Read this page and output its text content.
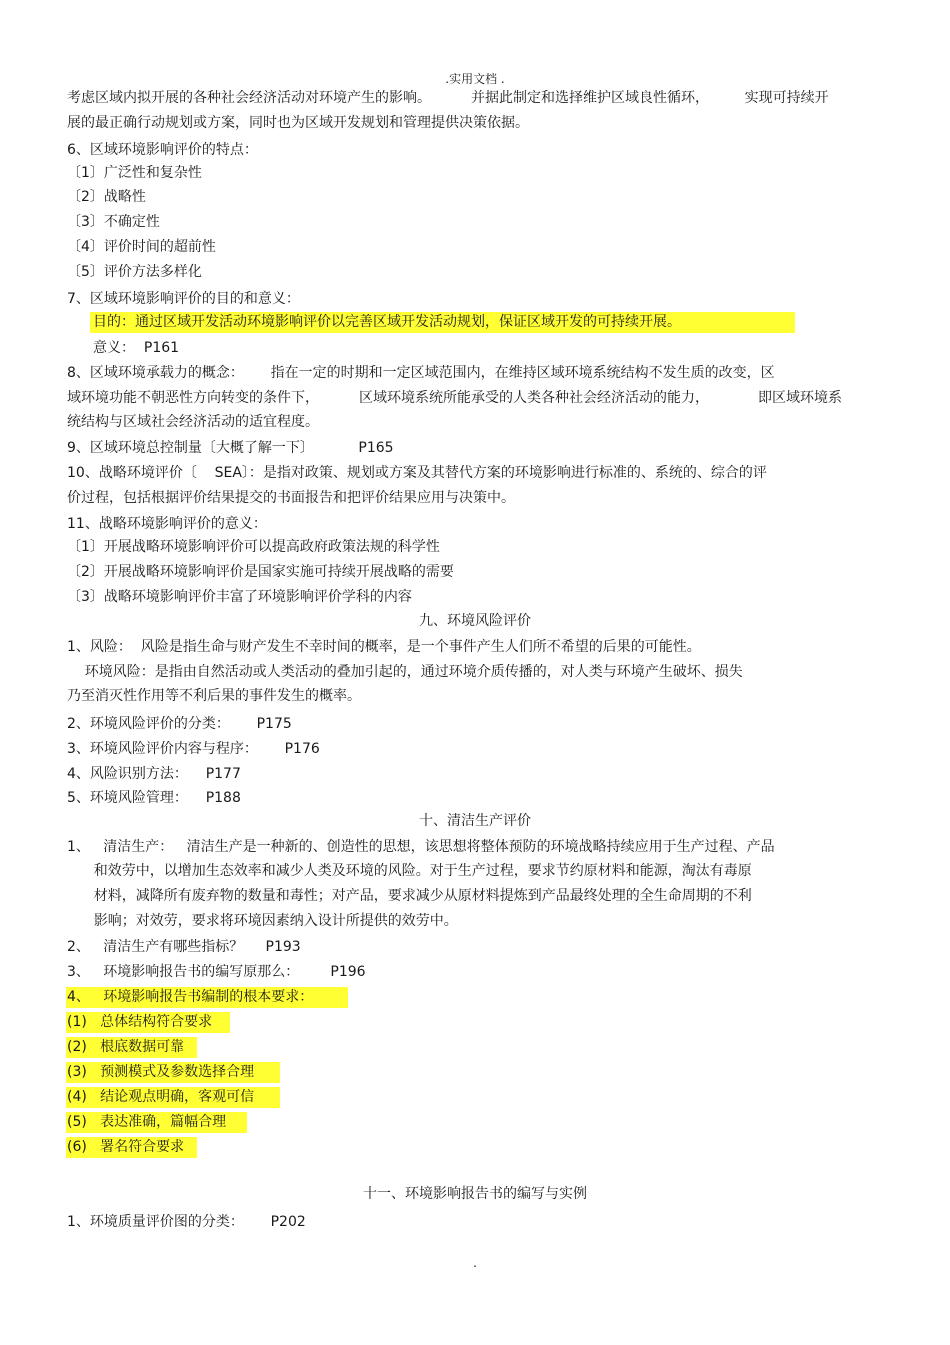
.实用文档 .
考虑区域内拟开展的各种社会经济活动对环境产生的影响。         并据此制定和选择维护区域良性循环，        实现可持续开
展的最正确行动规划或方案，同时也为区域开发规划和管理提供决策依据。
6、区域环境影响评价的特点：
〔1〕广泛性和复杂性
〔2〕战略性
〔3〕不确定性
〔4〕评价时间的超前性
〔5〕评价方法多样化
7、区域环境影响评价的目的和意义：
目的：通过区域开发活动环境影响评价以完善区域开发活动规划，保证区域开发的可持续开展。
意义：  P161
8、区域环境承载力的概念：      指在一定的时期和一定区域范围内，在维持区域环境系统结构不发生质的改变，区
域环境功能不朝恶性方向转变的条件下，         区域环境系统所能承受的人类各种社会经济活动的能力，           即区域环境系
统结构与区域社会经济活动的适宜程度。
9、区域环境总控制量〔大概了解一下〕          P165
10、战略环境评价〔    SEA〕：是指对政策、规划或方案及其替代方案的环境影响进行标准的、系统的、综合的评
价过程，包括根据评价结果提交的书面报告和把评价结果应用与决策中。
11、战略环境影响评价的意义：
〔1〕开展战略环境影响评价可以提高政府政策法规的科学性
〔2〕开展战略环境影响评价是国家实施可持续开展战略的需要
〔3〕战略环境影响评价丰富了环境影响评价学科的内容
九、环境风险评价
1、风险：  风险是指生命与财产发生不幸时间的概率，是一个事件产生人们所不希望的后果的可能性。
环境风险：是指由自然活动或人类活动的叠加引起的，通过环境介质传播的，对人类与环境产生破坏、损失
乃至消灭性作用等不利后果的事件发生的概率。
2、环境风险评价的分类：      P175
3、环境风险评价内容与程序：      P176
4、风险识别方法：    P177
5、环境风险管理：    P188
十、清洁生产评价
1、   清洁生产：   清洁生产是一种新的、创造性的思想，该思想将整体预防的环境战略持续应用于生产过程、产品
和效劳中，以增加生态效率和减少人类及环境的风险。对于生产过程，要求节约原材料和能源，淘汰有毒原
材料，减降所有废弃物的数量和毒性；对产品，要求减少从原材料提炼到产品最终处理的全生命周期的不利
影响；对效劳，要求将环境因素纳入设计所提供的效劳中。
2、   清洁生产有哪些指标？     P193
3、   环境影响报告书的编写原那么：       P196
4、   环境影响报告书编制的根本要求：
(1)   总体结构符合要求
(2)   根底数据可靠
(3)   预测模式及参数选择合理
(4)   结论观点明确，客观可信
(5)   表达准确，篇幅合理
(6)   署名符合要求
十一、环境影响报告书的编写与实例
1、环境质量评价图的分类：      P202
.
